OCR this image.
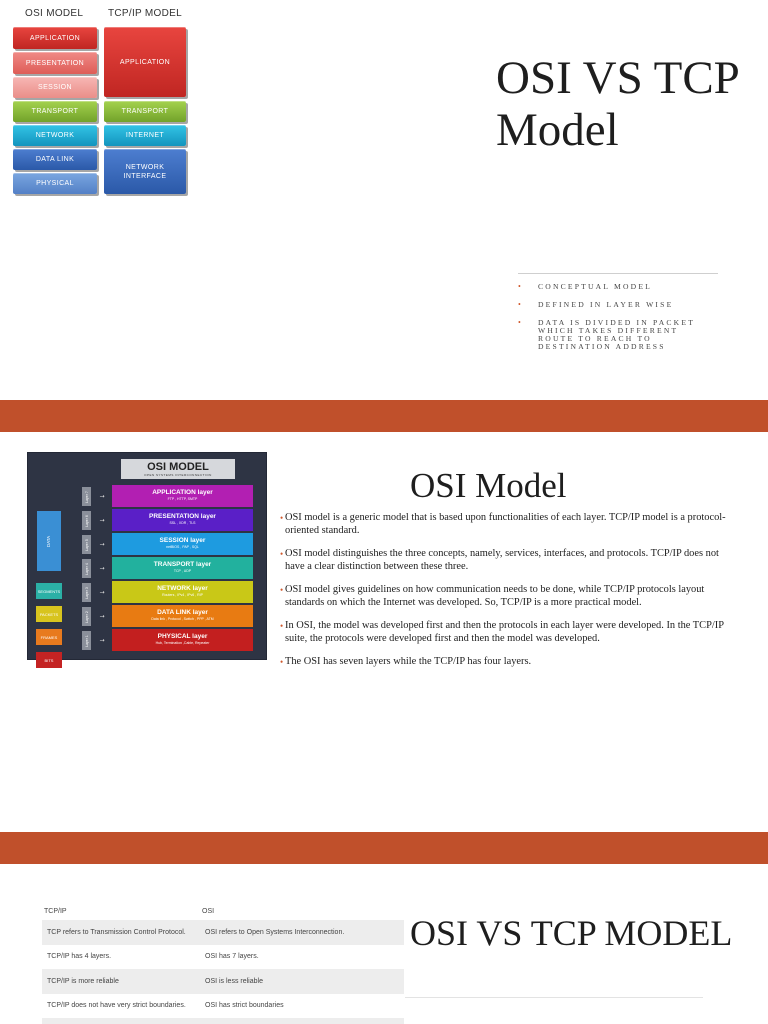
OSI MODEL TCP/IP MODEL
APPLICATION
PRESENTATION
SESSION
TRANSPORT
NETWORK
DATA LINK
PHYSICAL
APPLICATION
TRANSPORT
INTERNET
NETWORK INTERFACE
OSI VS TCP Model
• CONCEPTUAL MODEL
• DEFINED IN LAYER WISE
• DATA IS DIVIDED IN PACKET WHICH TAKES DIFFERENT ROUTE TO REACH TO DESTINATION ADDRESS
OSI MODEL
OPEN SYSTEMS INTERCONNECTION
DATA
SEGMENTS
PACKETS
FRAMES
BITS
Layer 7
Layer 6
Layer 5
Layer 4
Layer 3
Layer 2
Layer 1
→
→
→
→
→
→
→
APPLICATION layer
FTP , HTTP, SMTP
PRESENTATION layer
SSL , XDR , TLS
SESSION layer
netBIOS , PAP , SQL
TRANSPORT layer
TCP , UDP
NETWORK layer
Routers , IPv4 , IPv6 , RIP
DATA LINK layer
Data link , Protocol , Switch , PPP , ATM
PHYSICAL layer
Hub, Termination ,Cable, Repeater
OSI Model
• OSI model is a generic model that is based upon functionalities of each layer. TCP/IP model is a protocol-oriented standard.
• OSI model distinguishes the three concepts, namely, services, interfaces, and protocols. TCP/IP does not have a clear distinction between these three.
• OSI model gives guidelines on how communication needs to be done, while TCP/IP protocols layout standards on which the Internet was developed. So, TCP/IP is a more practical model.
• In OSI, the model was developed first and then the protocols in each layer were developed. In the TCP/IP suite, the protocols were developed first and then the model was developed.
• The OSI has seven layers while the TCP/IP has four layers.
TCP/IP	OSI
TCP refers to Transmission Control Protocol.	OSI refers to Open Systems Interconnection.
TCP/IP has 4 layers.	OSI has 7 layers.
TCP/IP is more reliable	OSI is less reliable
TCP/IP does not have very strict boundaries.	OSI has strict boundaries

OSI VS TCP MODEL
